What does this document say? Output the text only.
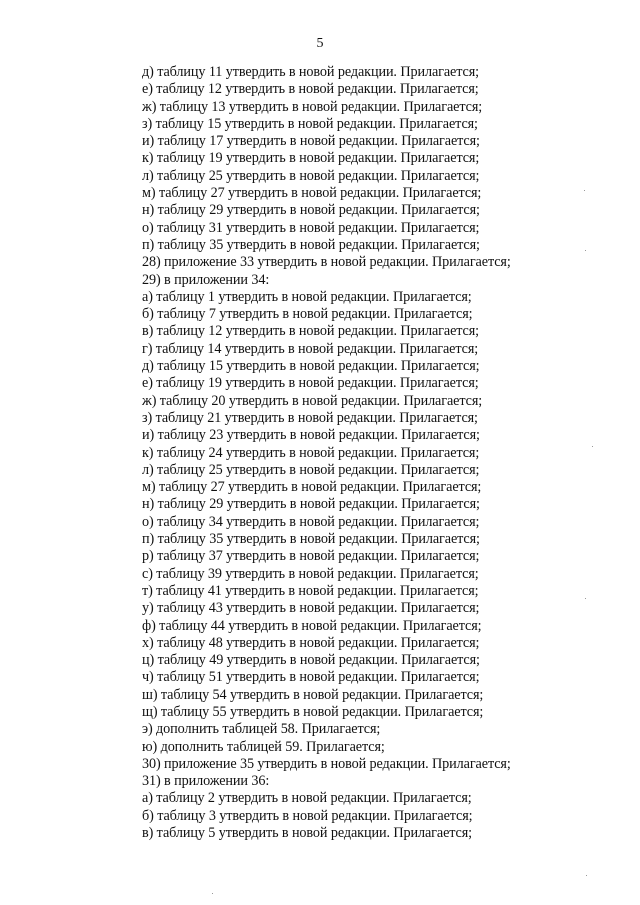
5
д) таблицу 11 утвердить в новой редакции. Прилагается;
е) таблицу 12 утвердить в новой редакции. Прилагается;
ж) таблицу 13 утвердить в новой редакции. Прилагается;
з) таблицу 15 утвердить в новой редакции. Прилагается;
и) таблицу 17 утвердить в новой редакции. Прилагается;
к) таблицу 19 утвердить в новой редакции. Прилагается;
л) таблицу 25 утвердить в новой редакции. Прилагается;
м) таблицу 27 утвердить в новой редакции. Прилагается;
н) таблицу 29 утвердить в новой редакции. Прилагается;
о) таблицу 31 утвердить в новой редакции. Прилагается;
п) таблицу 35 утвердить в новой редакции. Прилагается;
28) приложение 33 утвердить в новой редакции. Прилагается;
29) в приложении 34:
а) таблицу 1 утвердить в новой редакции. Прилагается;
б) таблицу 7 утвердить в новой редакции. Прилагается;
в) таблицу 12 утвердить в новой редакции. Прилагается;
г) таблицу 14 утвердить в новой редакции. Прилагается;
д) таблицу 15 утвердить в новой редакции. Прилагается;
е) таблицу 19 утвердить в новой редакции. Прилагается;
ж) таблицу 20 утвердить в новой редакции. Прилагается;
з) таблицу 21 утвердить в новой редакции. Прилагается;
и) таблицу 23 утвердить в новой редакции. Прилагается;
к) таблицу 24 утвердить в новой редакции. Прилагается;
л) таблицу 25 утвердить в новой редакции. Прилагается;
м) таблицу 27 утвердить в новой редакции. Прилагается;
н) таблицу 29 утвердить в новой редакции. Прилагается;
о) таблицу 34 утвердить в новой редакции. Прилагается;
п) таблицу 35 утвердить в новой редакции. Прилагается;
р) таблицу 37 утвердить в новой редакции. Прилагается;
с) таблицу 39 утвердить в новой редакции. Прилагается;
т) таблицу 41 утвердить в новой редакции. Прилагается;
у) таблицу 43 утвердить в новой редакции. Прилагается;
ф) таблицу 44 утвердить в новой редакции. Прилагается;
х) таблицу 48 утвердить в новой редакции. Прилагается;
ц) таблицу 49 утвердить в новой редакции. Прилагается;
ч) таблицу 51 утвердить в новой редакции. Прилагается;
ш) таблицу 54 утвердить в новой редакции. Прилагается;
щ) таблицу 55 утвердить в новой редакции. Прилагается;
э) дополнить таблицей 58. Прилагается;
ю) дополнить таблицей 59. Прилагается;
30) приложение 35 утвердить в новой редакции. Прилагается;
31) в приложении 36:
а) таблицу 2 утвердить в новой редакции. Прилагается;
б) таблицу 3 утвердить в новой редакции. Прилагается;
в) таблицу 5 утвердить в новой редакции. Прилагается;
